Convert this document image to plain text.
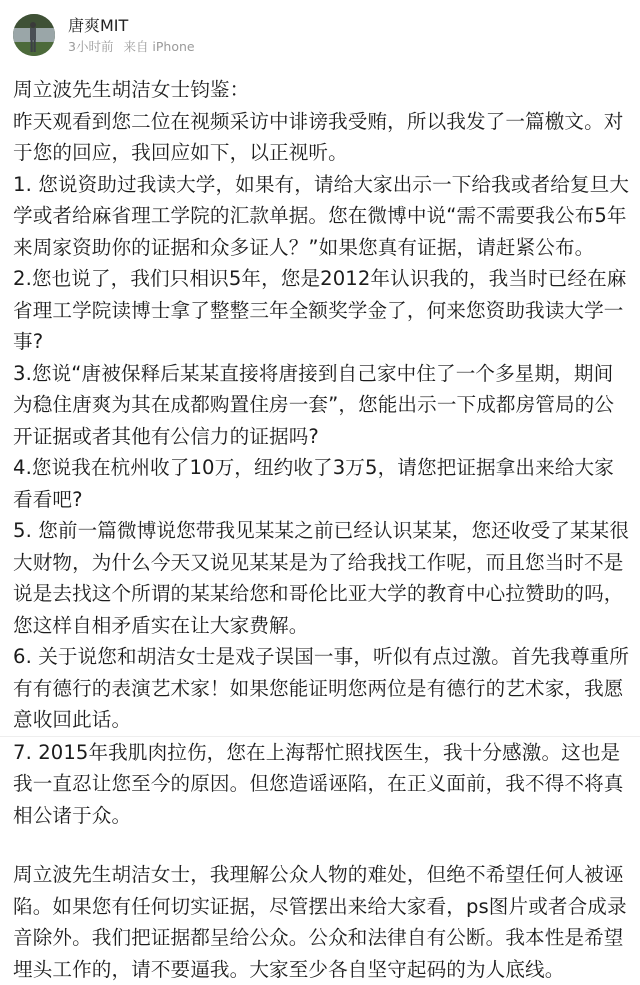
唐爽MIT
3小时前 来自 iPhone

周立波先生胡洁女士钧鉴：

昨天观看到您二位在视频采访中诽谤我受贿，所以我发了一篇檄文。对于您的回应，我回应如下，以正视听。

1. 您说资助过我读大学，如果有，请给大家出示一下给我或者给复旦大学或者给麻省理工学院的汇款单据。您在微博中说“需不需要我公布5年来周家资助你的证据和众多证人？”如果您真有证据，请赶紧公布。

2.您也说了，我们只相识5年，您是2012年认识我的，我当时已经在麻省理工学院读博士拿了整整三年全额奖学金了，何来您资助我读大学一事?

3.您说“唐被保释后某某直接将唐接到自己家中住了一个多星期，期间为稳住唐爽为其在成都购置住房一套”，您能出示一下成都房管局的公开证据或者其他有公信力的证据吗?

4.您说我在杭州收了10万，纽约收了3万5，请您把证据拿出来给大家看看吧?

5. 您前一篇微博说您带我见某某之前已经认识某某，您还收受了某某很大财物，为什么今天又说见某某是为了给我找工作呢，而且您当时不是说是去找这个所谓的某某给您和哥伦比亚大学的教育中心拉赞助的吗，您这样自相矛盾实在让大家费解。

6. 关于说您和胡洁女士是戏子误国一事，听似有点过激。首先我尊重所有有德行的表演艺术家！如果您能证明您两位是有德行的艺术家，我愿意收回此话。

7. 2015年我肌肉拉伤，您在上海帮忙照找医生，我十分感激。这也是我一直忍让您至今的原因。但您造谣诬陷，在正义面前，我不得不将真相公诸于众。

周立波先生胡洁女士，我理解公众人物的难处，但绝不希望任何人被诬陷。如果您有任何切实证据，尽管摆出来给大家看，ps图片或者合成录音除外。我们把证据都呈给公众。公众和法律自有公断。我本性是希望埋头工作的，请不要逼我。大家至少各自坚守起码的为人底线。
